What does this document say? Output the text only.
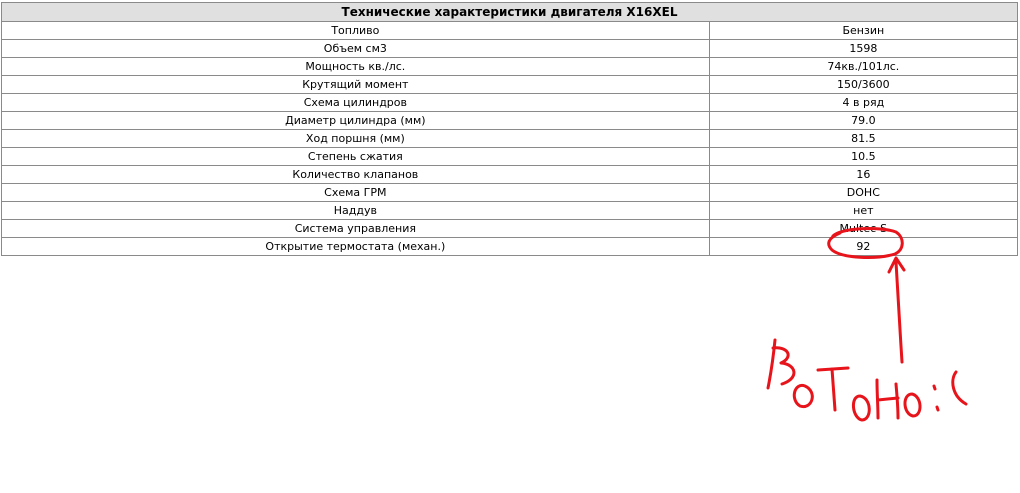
Технические характеристики двигателя X16XEL	
Топливо	Бензин
Объем см3	1598
Мощность кв./лс.	74кв./101лс.
Крутящий момент	150/3600
Схема цилиндров	4 в ряд
Диаметр цилиндра (мм)	79.0
Ход поршня (мм)	81.5
Степень сжатия	10.5
Количество клапанов	16
Схема ГРМ	DOHC
Наддув	нет
Система управления	Multec-S
Открытие термостата (механ.)	92
